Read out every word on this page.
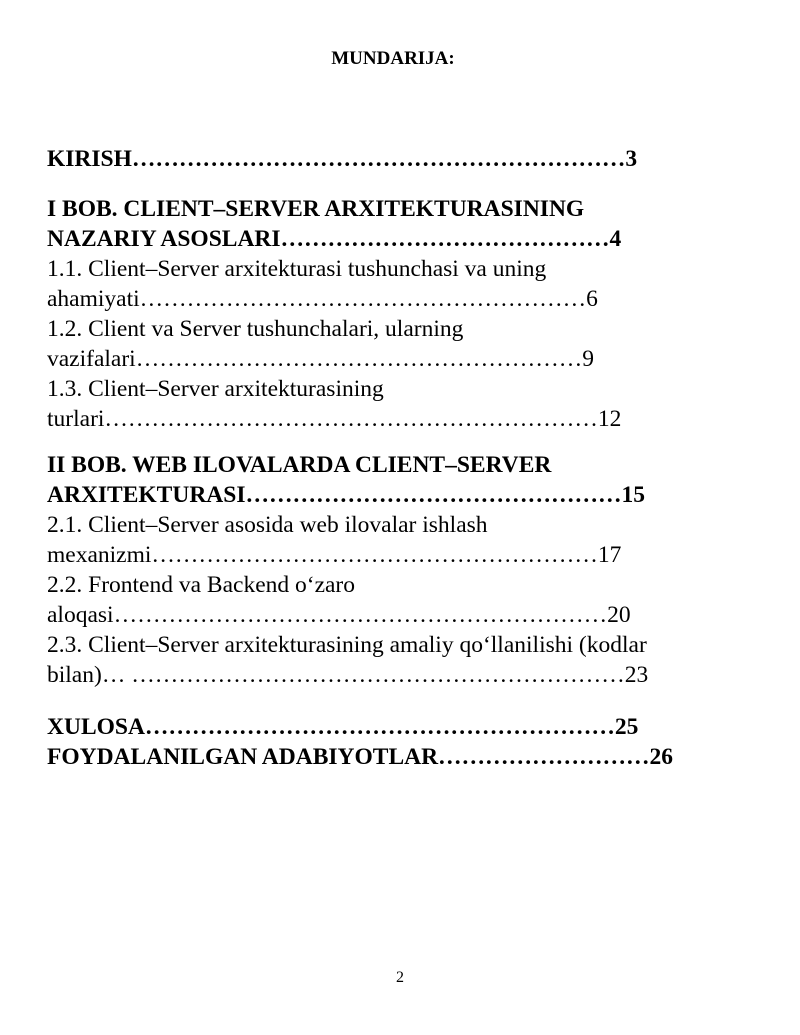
MUNDARIJA:
KIRISH………………………………………………………3
I BOB. CLIENT–SERVER ARXITEKTURASINING
NAZARIY ASOSLARI……………………………………4
1.1. Client–Server arxitekturasi tushunchasi va uning
ahamiyati…………………………………………………6
1.2. Client va Server tushunchalari, ularning
vazifalari…………………………………………………9
1.3. Client–Server arxitekturasining
turlari………………………………………………………12
II BOB. WEB ILOVALARDA CLIENT–SERVER
ARXITEKTURASI…………………………………………15
2.1. Client–Server asosida web ilovalar ishlash
mexanizmi…………………………………………………17
2.2. Frontend va Backend o‘zaro
aloqasi………………………………………………………20
2.3. Client–Server arxitekturasining amaliy qo‘llanilishi (kodlar
bilan)… ………………………………………………………23
XULOSA……………………………………………………25
FOYDALANILGAN ADABIYOTLAR………………………26
2
